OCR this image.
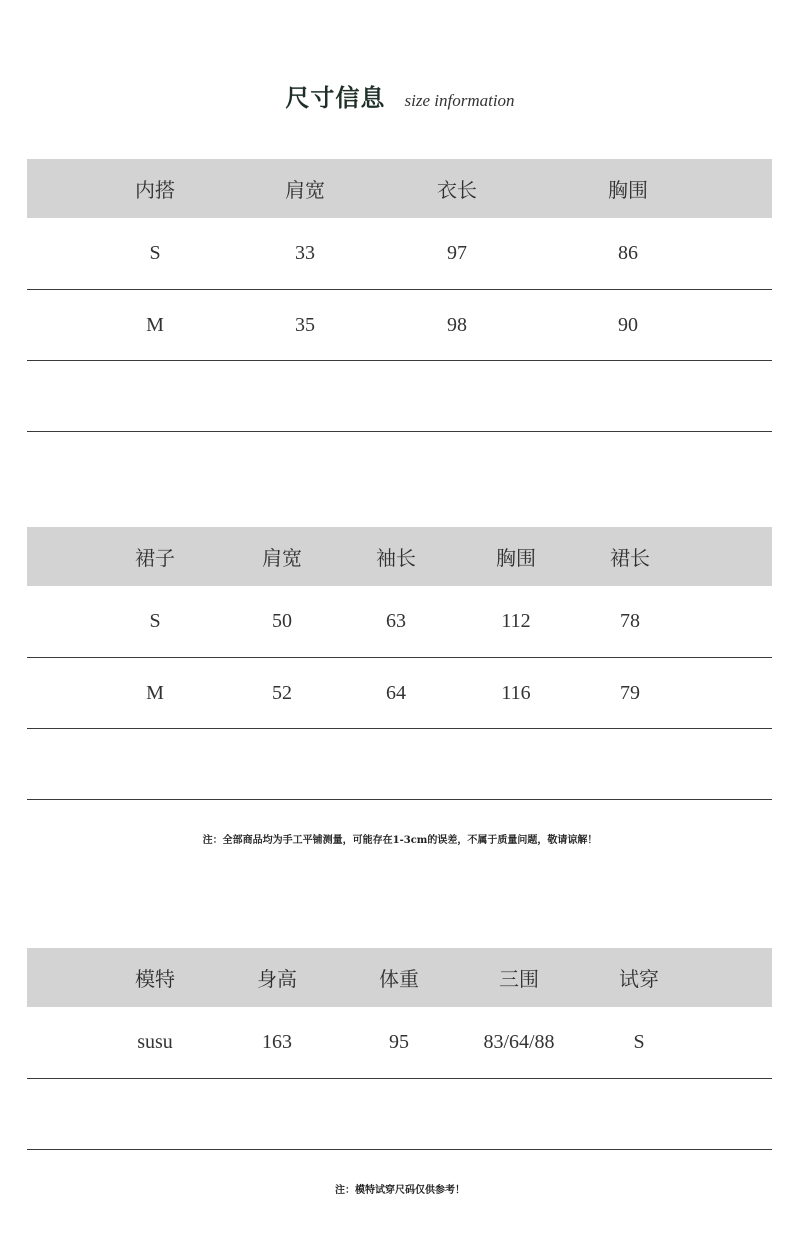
尺寸信息 size information
内搭	肩宽	衣长	胸围
S	33	97	86
M	35	98	90
裙子	肩宽	袖长	胸围	裙长
S	50	63	112	78
M	52	64	116	79
注：全部商品均为手工平铺测量，可能存在1-3cm的误差，不属于质量问题，敬请谅解！
模特	身高	体重	三围	试穿
susu	163	95	83/64/88	S
注：模特试穿尺码仅供参考！
